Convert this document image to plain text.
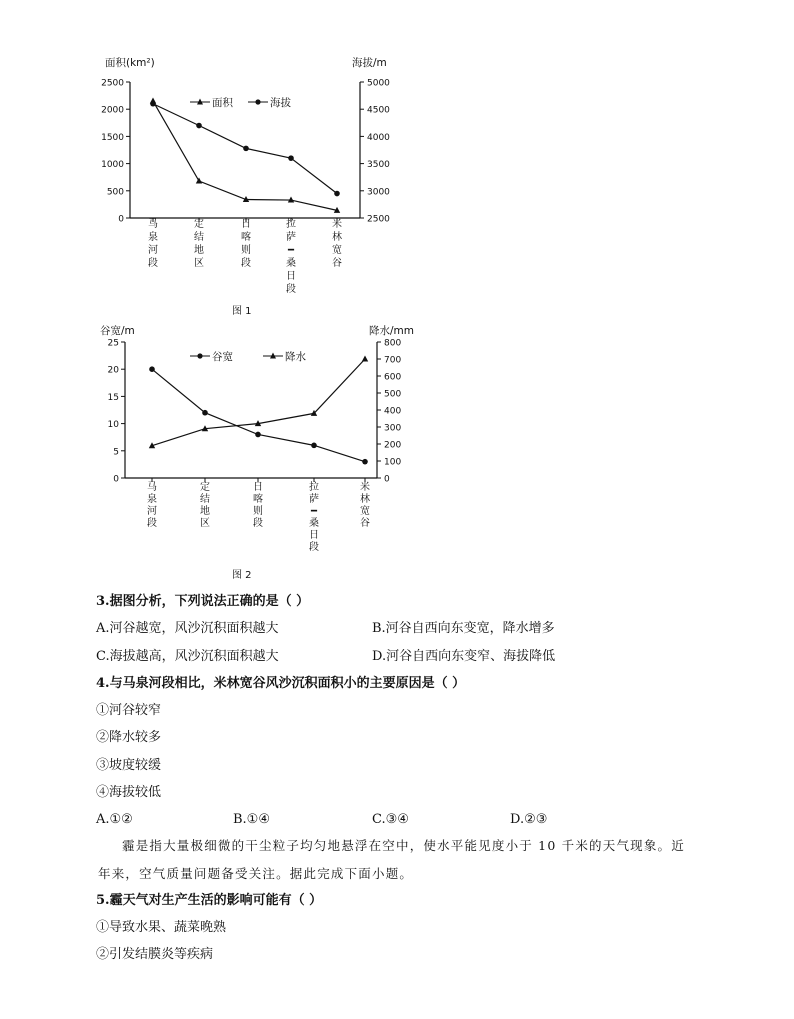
面积(km²)	海拔/m
0
500
1000
1500
2000
2500
2500
3000
3500
4000
4500
5000
马
泉
河
段
定
结
地
区
日
喀
则
段
拉
萨
━
桑
日
段
米
林
宽
谷
面积	海拔
图 1
谷宽/m	降水/mm
0
5
10
15
20
25
0
100
200
300
400
500
600
700
800
马
泉
河
段
定
结
地
区
日
喀
则
段
拉
萨
━
桑
日
段
米
林
宽
谷
谷宽	降水
图 2
3.据图分析，下列说法正确的是（ ）
A.河谷越宽，风沙沉积面积越大	B.河谷自西向东变宽，降水增多
C.海拔越高，风沙沉积面积越大	D.河谷自西向东变窄、海拔降低
4.与马泉河段相比，米林宽谷风沙沉积面积小的主要原因是（ ）
①河谷较窄
②降水较多
③坡度较缓
④海拔较低
A.①②	B.①④	C.③④	D.②③
霾是指大量极细微的干尘粒子均匀地悬浮在空中，使水平能见度小于 10 千米的天气现象。近年来，空气质量问题备受关注。据此完成下面小题。
5.霾天气对生产生活的影响可能有（ ）
①导致水果、蔬菜晚熟
②引发结膜炎等疾病
